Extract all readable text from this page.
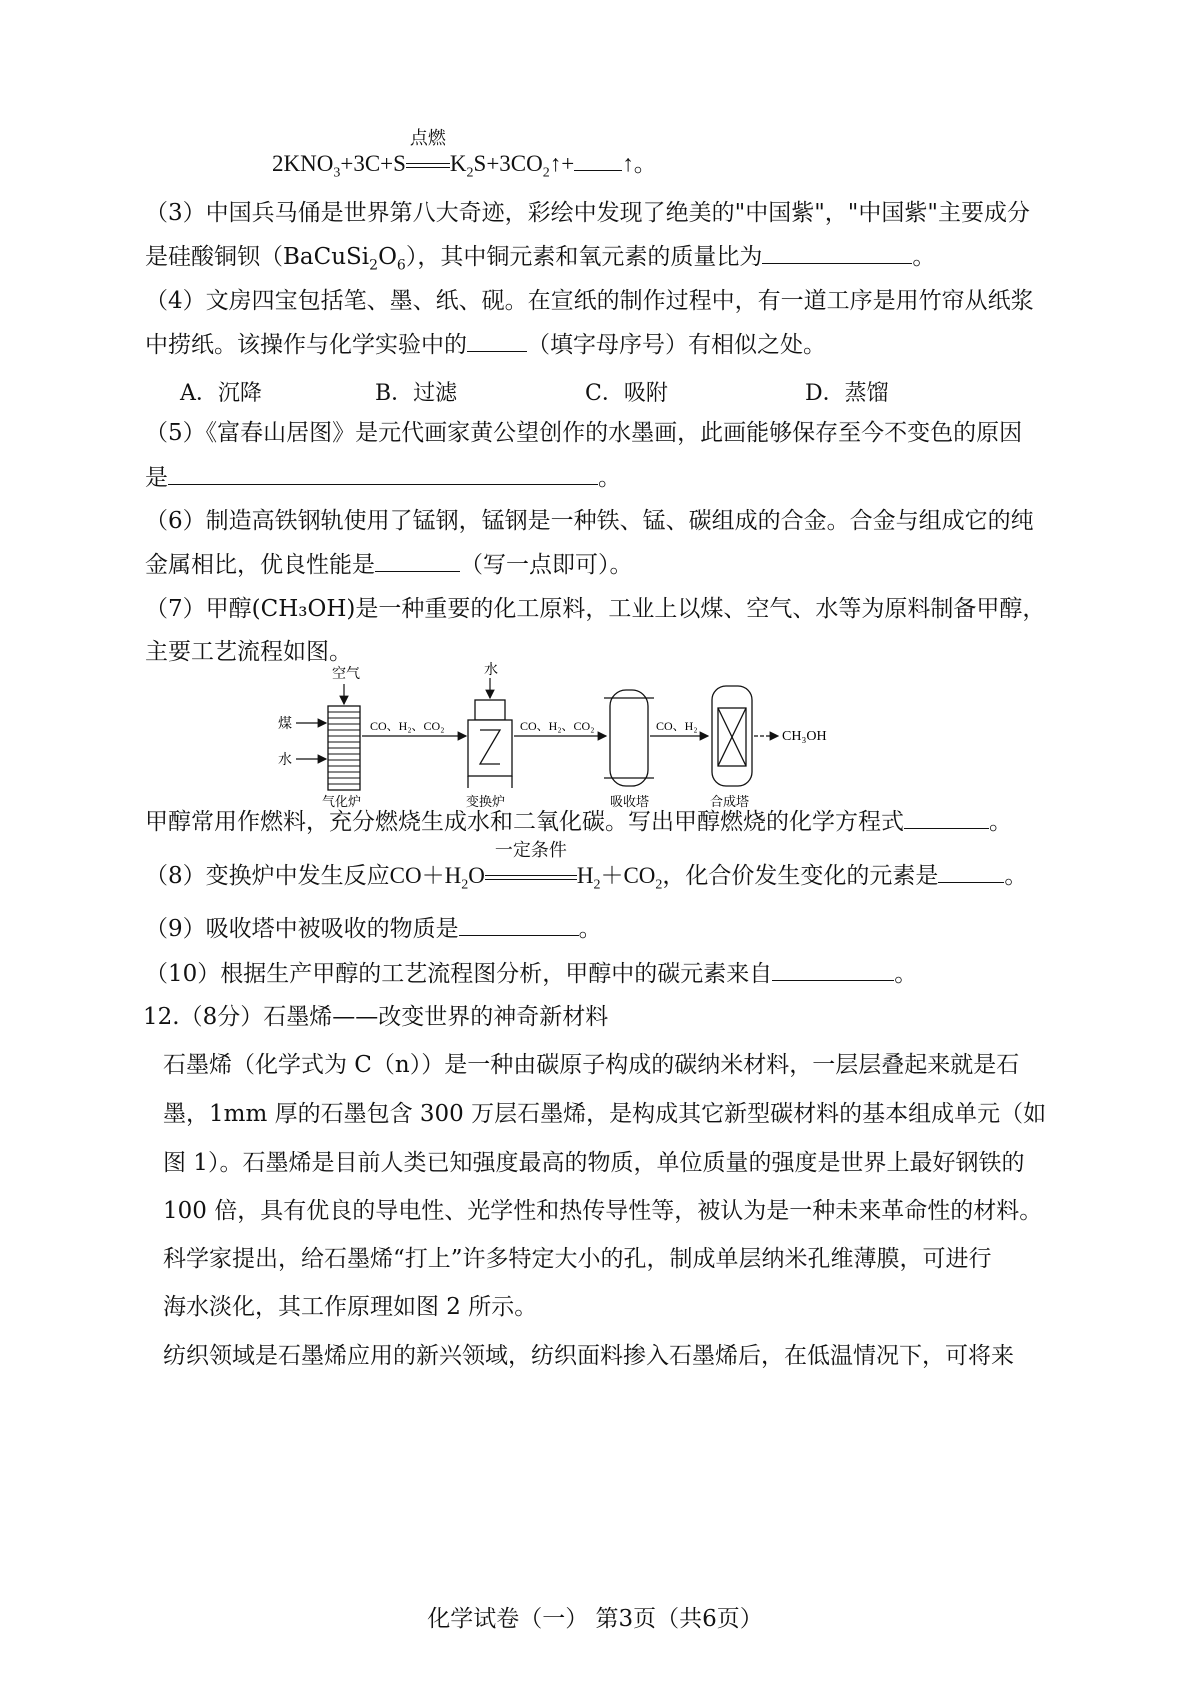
$2KNO_3+3C+S$
点燃
$K_2S+3CO_2↑+$ ↑。
（3）中国兵马俑是世界第八大奇迹，彩绘中发现了绝美的"中国紫"，"中国紫"主要成分
是硅酸铜钡$(BaCuSi_2O_6)$，其中铜元素和氧元素的质量比为	。
（4）文房四宝包括笔、墨、纸、砚。在宣纸的制作过程中，有一道工序是用竹帘从纸浆
中捞纸。该操作与化学实验中的	（填字母序号）有相似之处。
A．沉降	B．过滤	C．吸附	D．蒸馏
（5）《富春山居图》是元代画家黄公望创作的水墨画，此画能够保存至今不变色的原因
是	。
（6）制造高铁钢轨使用了锰钢，锰钢是一种铁、锰、碳组成的合金。合金与组成它的纯
金属相比，优良性能是	（写一点即可）。
（7）甲醇(CH₃OH)是一种重要的化工原料，工业上以煤、空气、水等为原料制备甲醇，
主要工艺流程如图。
空气
煤
水
气化炉
CO、H₂、CO₂
水
变换炉
CO、H₂、CO₂
吸收塔
CO、H₂
合成塔
CH₃OH
甲醇常用作燃料，充分燃烧生成水和二氧化碳。写出甲醇燃烧的化学方程式	。
（8）变换炉中发生反应$CO+H_2O$
一定条件
$H_2+CO_2$，化合价发生变化的元素是	。
（9）吸收塔中被吸收的物质是	。
（10）根据生产甲醇的工艺流程图分析，甲醇中的碳元素来自	。
12.（8分）石墨烯——改变世界的神奇新材料
石墨烯（化学式为 C（n））是一种由碳原子构成的碳纳米材料，一层层叠起来就是石
墨，1mm 厚的石墨包含 300 万层石墨烯，是构成其它新型碳材料的基本组成单元（如
图 1）。石墨烯是目前人类已知强度最高的物质，单位质量的强度是世界上最好钢铁的
100 倍，具有优良的导电性、光学性和热传导性等，被认为是一种未来革命性的材料。
科学家提出，给石墨烯“打上”许多特定大小的孔，制成单层纳米孔维薄膜，可进行
海水淡化，其工作原理如图 2 所示。
纺织领域是石墨烯应用的新兴领域，纺织面料掺入石墨烯后，在低温情况下，可将来
化学试卷（一） 第3页（共6页）
